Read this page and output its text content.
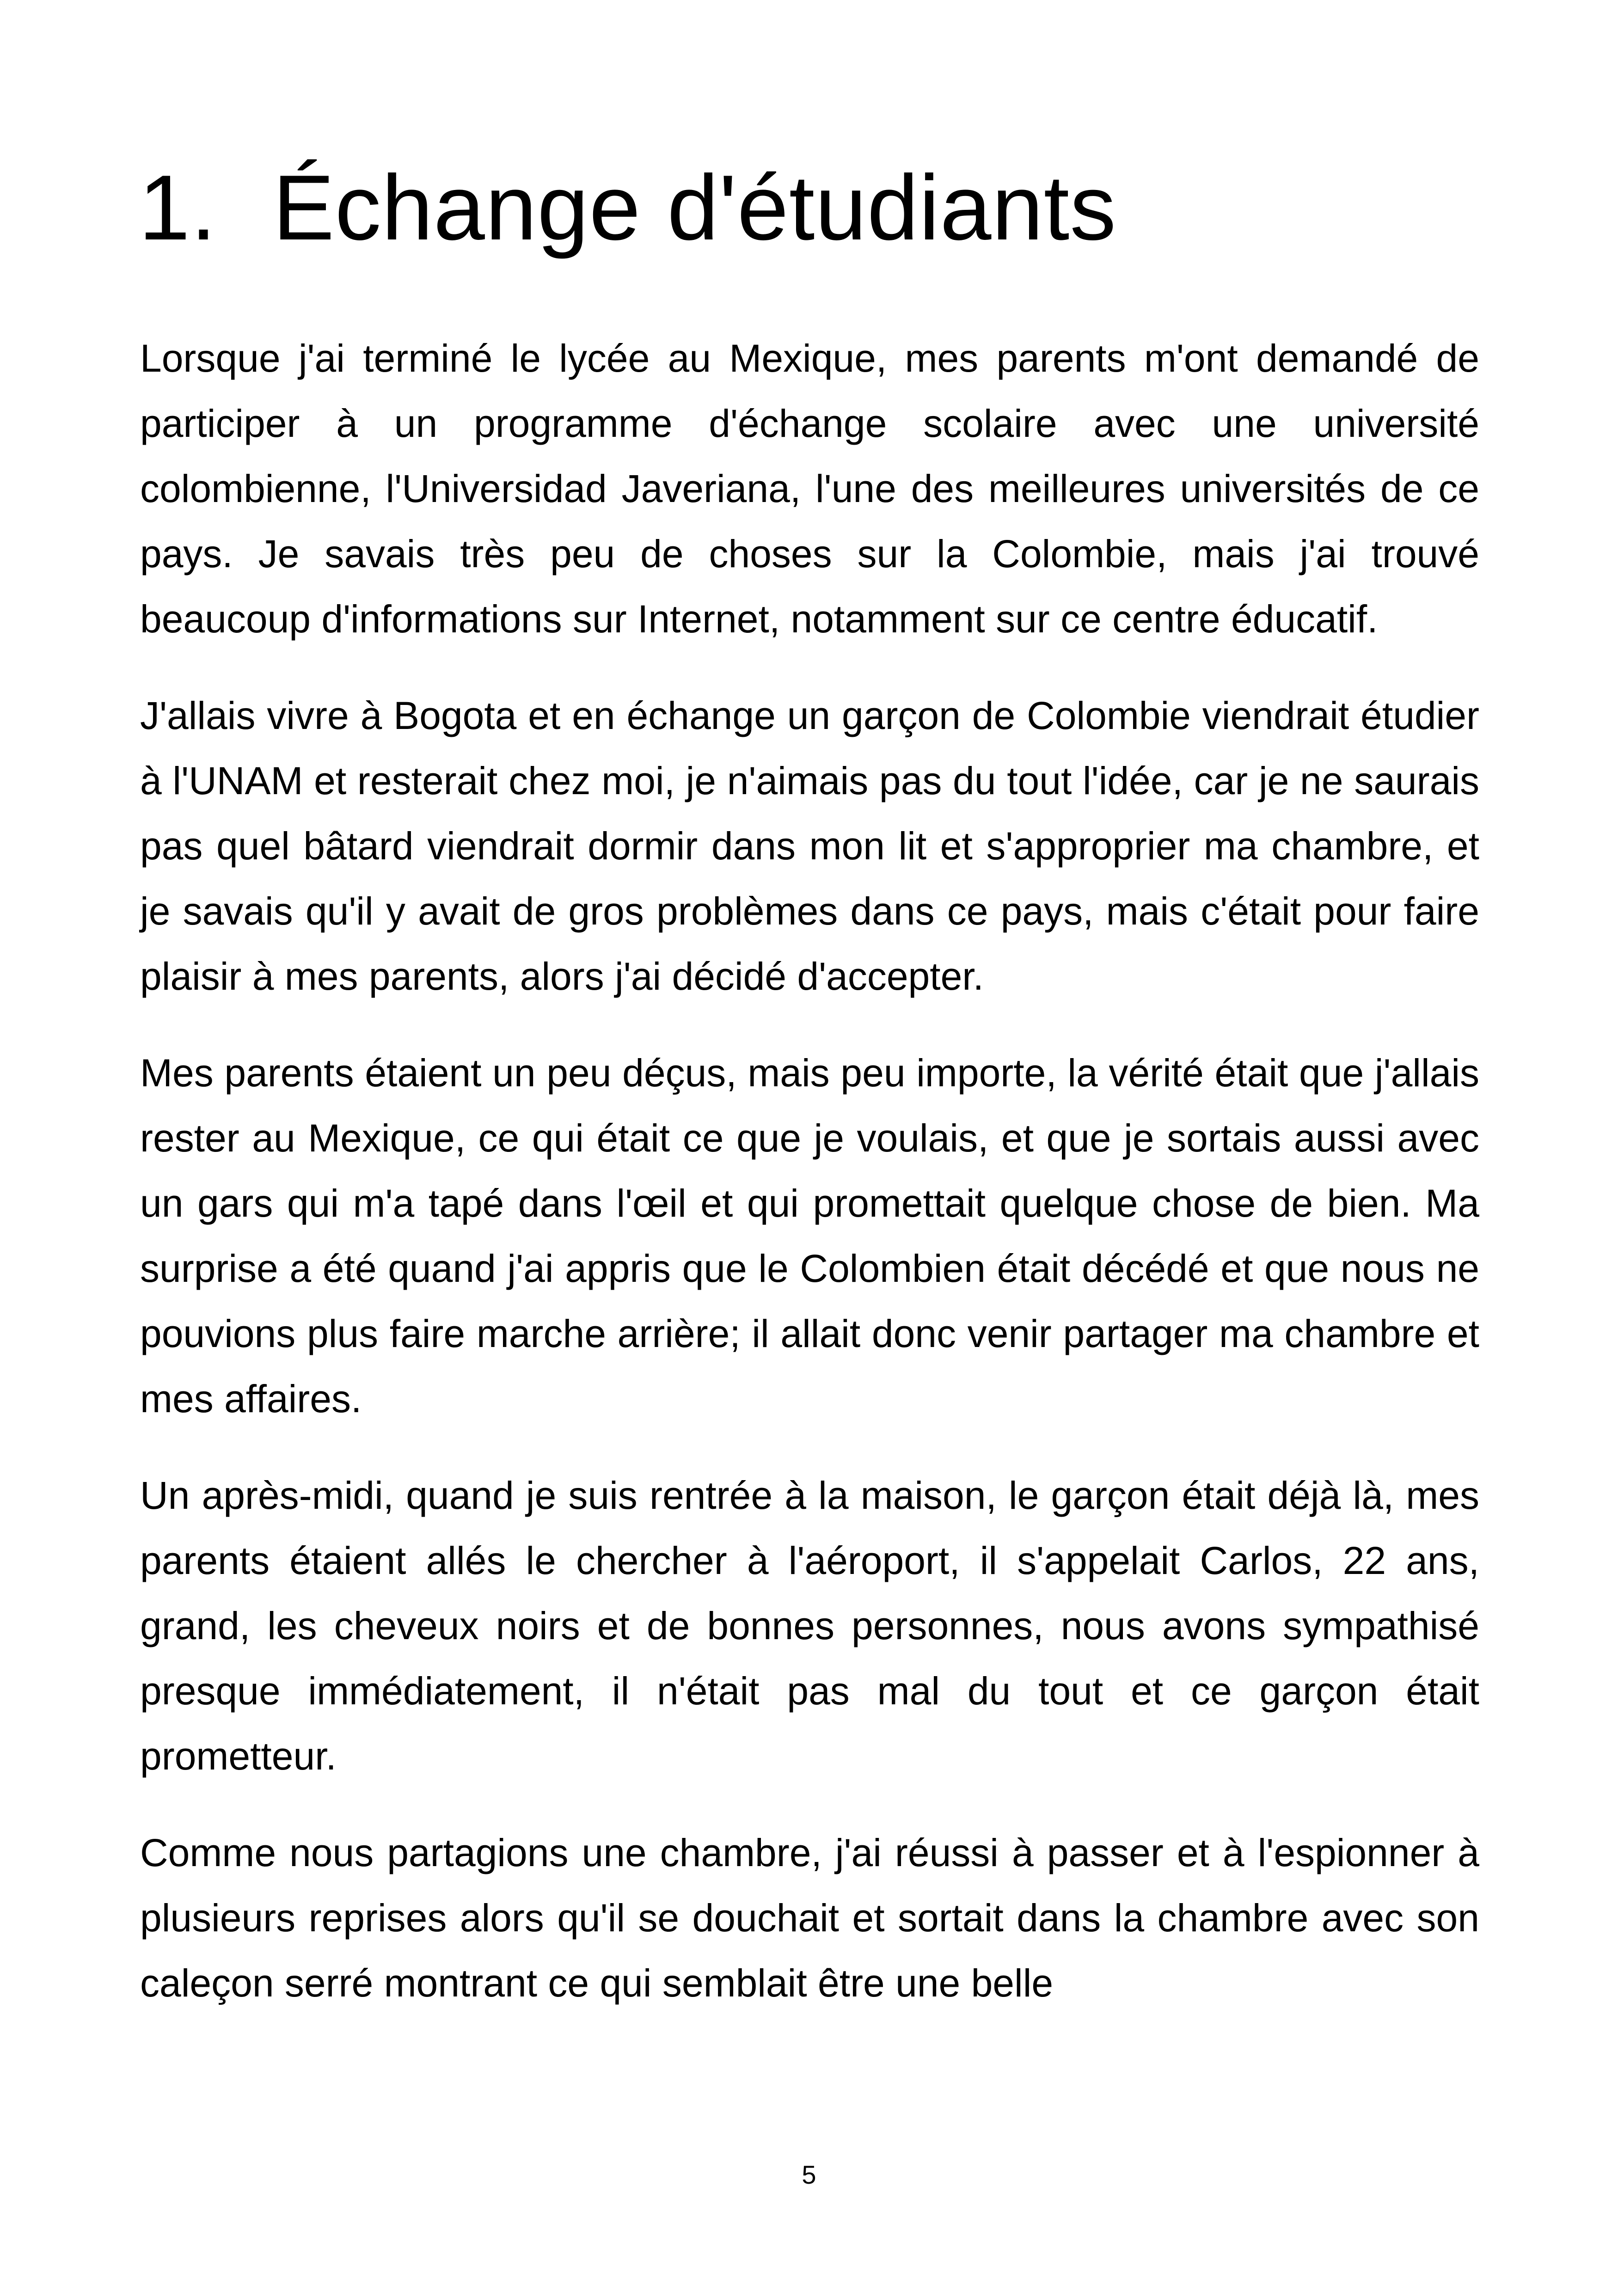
1. Échange d'étudiants

Lorsque j'ai terminé le lycée au Mexique, mes parents m'ont demandé de participer à un programme d'échange scolaire avec une université colombienne, l'Universidad Javeriana, l'une des meilleures universités de ce pays. Je savais très peu de choses sur la Colombie, mais j'ai trouvé beaucoup d'informations sur Internet, notamment sur ce centre éducatif.

J'allais vivre à Bogota et en échange un garçon de Colombie viendrait étudier à l'UNAM et resterait chez moi, je n'aimais pas du tout l'idée, car je ne saurais pas quel bâtard viendrait dormir dans mon lit et s'approprier ma chambre, et je savais qu'il y avait de gros problèmes dans ce pays, mais c'était pour faire plaisir à mes parents, alors j'ai décidé d'accepter.

Mes parents étaient un peu déçus, mais peu importe, la vérité était que j'allais rester au Mexique, ce qui était ce que je voulais, et que je sortais aussi avec un gars qui m'a tapé dans l'œil et qui promettait quelque chose de bien. Ma surprise a été quand j'ai appris que le Colombien était décédé et que nous ne pouvions plus faire marche arrière; il allait donc venir partager ma chambre et mes affaires.

Un après-midi, quand je suis rentrée à la maison, le garçon était déjà là, mes parents étaient allés le chercher à l'aéroport, il s'appelait Carlos, 22 ans, grand, les cheveux noirs et de bonnes personnes, nous avons sympathisé presque immédiatement, il n'était pas mal du tout et ce garçon était prometteur.

Comme nous partagions une chambre, j'ai réussi à passer et à l'espionner à plusieurs reprises alors qu'il se douchait et sortait dans la chambre avec son caleçon serré montrant ce qui semblait être une belle

5
